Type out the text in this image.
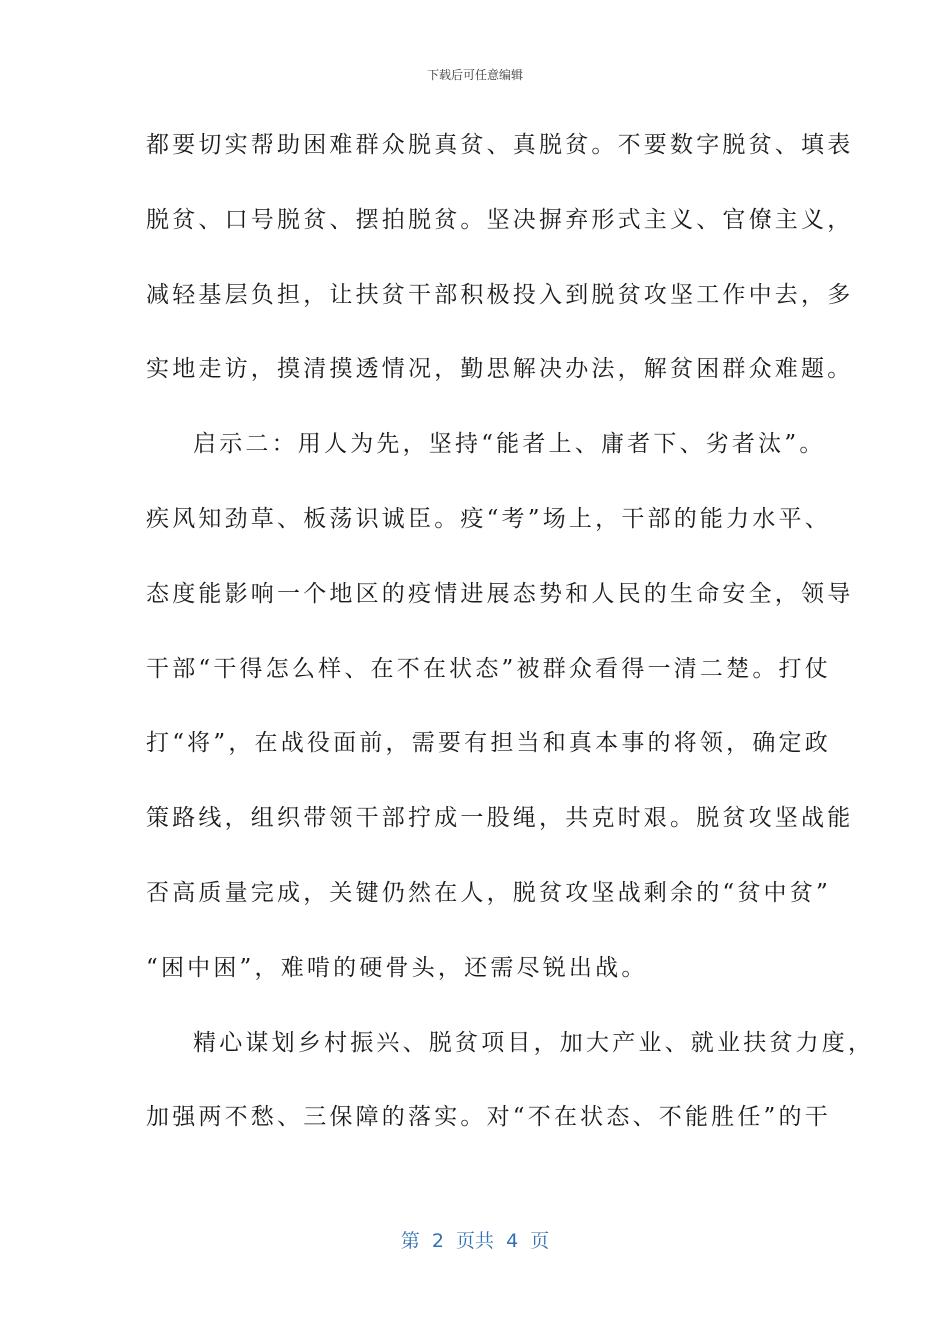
下载后可任意编辑
都要切实帮助困难群众脱真贫、真脱贫。不要数字脱贫、填表
脱贫、口号脱贫、摆拍脱贫。坚决摒弃形式主义、官僚主义，
减轻基层负担，让扶贫干部积极投入到脱贫攻坚工作中去，多
实地走访，摸清摸透情况，勤思解决办法，解贫困群众难题。
启示二：用人为先，坚持“能者上、庸者下、劣者汰”。
疾风知劲草、板荡识诚臣。疫“考”场上，干部的能力水平、
态度能影响一个地区的疫情进展态势和人民的生命安全，领导
干部“干得怎么样、在不在状态”被群众看得一清二楚。打仗
打“将”，在战役面前，需要有担当和真本事的将领，确定政
策路线，组织带领干部拧成一股绳，共克时艰。脱贫攻坚战能
否高质量完成，关键仍然在人，脱贫攻坚战剩余的“贫中贫”
“困中困”，难啃的硬骨头，还需尽锐出战。
精心谋划乡村振兴、脱贫项目，加大产业、就业扶贫力度，
加强两不愁、三保障的落实。对“不在状态、不能胜任”的干
第  2  页共  4  页
